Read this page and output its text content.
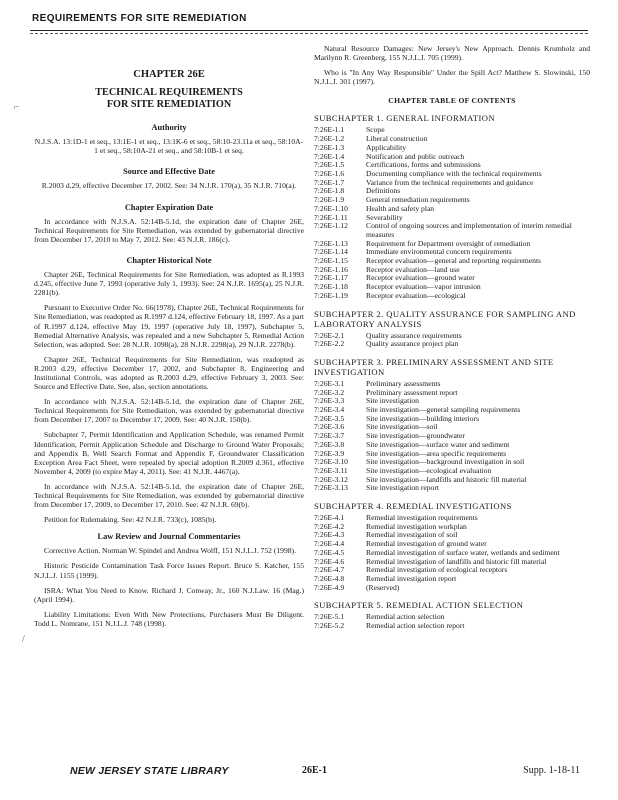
REQUIREMENTS FOR SITE REMEDIATION
⌐
/
CHAPTER 26E
TECHNICAL REQUIREMENTS
FOR SITE REMEDIATION
Authority
N.J.S.A. 13:1D-1 et seq., 13:1E-1 et seq., 13:1K-6 et seq., 58:10-23.11a et seq., 58:10A-1 et seq., 58:10A-21 et seq., and 58:10B-1 et seq.
Source and Effective Date
R.2003 d.29, effective December 17, 2002. See: 34 N.J.R. 170(a), 35 N.J.R. 710(a).
Chapter Expiration Date
In accordance with N.J.S.A. 52:14B-5.1d, the expiration date of Chapter 26E, Technical Requirements for Site Remediation, was extended by gubernatorial directive from December 17, 2010 to May 7, 2012. See: 43 N.J.R. 186(c).
Chapter Historical Note
Chapter 26E, Technical Requirements for Site Remediation, was adopted as R.1993 d.245, effective June 7, 1993 (operative July 1, 1993). See: 24 N.J.R. 1695(a), 25 N.J.R. 2281(b).
Pursuant to Executive Order No. 66(1978), Chapter 26E, Technical Requirements for Site Remediation, was readopted as R.1997 d.124, effective February 18, 1997. As a part of R.1997 d.124, effective May 19, 1997 (operative July 18, 1997), Subchapter 5, Remedial Alternative Analysis, was repealed and a new Subchapter 5, Remedial Action Selection, was adopted. See: 28 N.J.R. 1098(a), 28 N.J.R. 2298(a), 29 N.J.R. 2278(b).
Chapter 26E, Technical Requirements for Site Remediation, was readopted as R.2003 d.29, effective December 17, 2002, and Subchapter 8, Engineering and Institutional Controls, was adopted as R.2003 d.29, effective February 3, 2003. See: Source and Effective Date. See, also, section annotations.
In accordance with N.J.S.A. 52:14B-5.1d, the expiration date of Chapter 26E, Technical Requirements for Site Remediation, was extended by gubernatorial directive from December 17, 2007 to December 17, 2009. See: 40 N.J.R. 150(b).
Subchapter 7, Permit Identification and Application Schedule, was renamed Permit Identification, Permit Application Schedule and Discharge to Ground Water Proposals; and Appendix B, Well Search Format and Appendix F, Groundwater Classification Exception Area Fact Sheet, were repealed by special adoption R.2009 d.361, effective November 4, 2009 (to expire May 4, 2011). See: 41 N.J.R. 4467(a).
In accordance with N.J.S.A. 52:14B-5.1d, the expiration date of Chapter 26E, Technical Requirements for Site Remediation, was extended by gubernatorial directive from December 17, 2009, to December 17, 2010. See: 42 N.J.R. 69(b).
Petition for Rulemaking. See: 42 N.J.R. 733(c), 1085(b).
Law Review and Journal Commentaries
Corrective Action. Norman W. Spindel and Andrea Wolff, 151 N.J.L.J. 752 (1998).
Historic Pesticide Contamination Task Force Issues Report. Bruce S. Katcher, 155 N.J.L.J. 1155 (1999).
ISRA: What You Need to Know. Richard J. Conway, Jr., 160 N.J.Law. 16 (Mag.) (April 1994).
Liability Limitations: Even With New Protections, Purchasers Must Be Diligent. Todd L. Nomrane, 151 N.J.L.J. 748 (1998).
Natural Resource Damages: New Jersey's New Approach. Dennis Krumholz and Marilynn R. Greenberg, 155 N.J.L.J. 705 (1999).
Who is "In Any Way Responsible" Under the Spill Act? Matthew S. Slowinski, 150 N.J.L.J. 301 (1997).
CHAPTER TABLE OF CONTENTS
SUBCHAPTER 1. GENERAL INFORMATION
7:26E-1.1	Scope
7:26E-1.2	Liberal construction
7:26E-1.3	Applicability
7:26E-1.4	Notification and public outreach
7:26E-1.5	Certifications, forms and submissions
7:26E-1.6	Documenting compliance with the technical requirements
7:26E-1.7	Variance from the technical requirements and guidance
7:26E-1.8	Definitions
7:26E-1.9	General remediation requirements
7:26E-1.10	Health and safety plan
7:26E-1.11	Severability
7:26E-1.12	Control of ongoing sources and implementation of interim remedial measures
7:26E-1.13	Requirement for Department oversight of remediation
7:26E-1.14	Immediate environmental concern requirements
7:26E-1.15	Receptor evaluation—general and reporting requirements
7:26E-1.16	Receptor evaluation—land use
7:26E-1.17	Receptor evaluation—ground water
7:26E-1.18	Receptor evaluation—vapor intrusion
7:26E-1.19	Receptor evaluation—ecological
SUBCHAPTER 2. QUALITY ASSURANCE FOR SAMPLING AND LABORATORY ANALYSIS
7:26E-2.1	Quality assurance requirements
7:26E-2.2	Quality assurance project plan
SUBCHAPTER 3. PRELIMINARY ASSESSMENT AND SITE INVESTIGATION
7:26E-3.1	Preliminary assessments
7:26E-3.2	Preliminary assessment report
7:26E-3.3	Site investigation
7:26E-3.4	Site investigation—general sampling requirements
7:26E-3.5	Site investigation—building interiors
7:26E-3.6	Site investigation—soil
7:26E-3.7	Site investigation—groundwater
7:26E-3.8	Site investigation—surface water and sediment
7:26E-3.9	Site investigation—area specific requirements
7:26E-3.10	Site investigation—background investigation in soil
7:26E-3.11	Site investigation—ecological evaluation
7:26E-3.12	Site investigation—landfills and historic fill material
7:26E-3.13	Site investigation report
SUBCHAPTER 4. REMEDIAL INVESTIGATIONS
7:26E-4.1	Remedial investigation requirements
7:26E-4.2	Remedial investigation workplan
7:26E-4.3	Remedial investigation of soil
7:26E-4.4	Remedial investigation of ground water
7:26E-4.5	Remedial investigation of surface water, wetlands and sediment
7:26E-4.6	Remedial investigation of landfills and historic fill material
7:26E-4.7	Remedial investigation of ecological receptors
7:26E-4.8	Remedial investigation report
7:26E-4.9	(Reserved)
SUBCHAPTER 5. REMEDIAL ACTION SELECTION
7:26E-5.1	Remedial action selection
7:26E-5.2	Remedial action selection report
NEW JERSEY STATE LIBRARY	26E-1	Supp. 1-18-11
